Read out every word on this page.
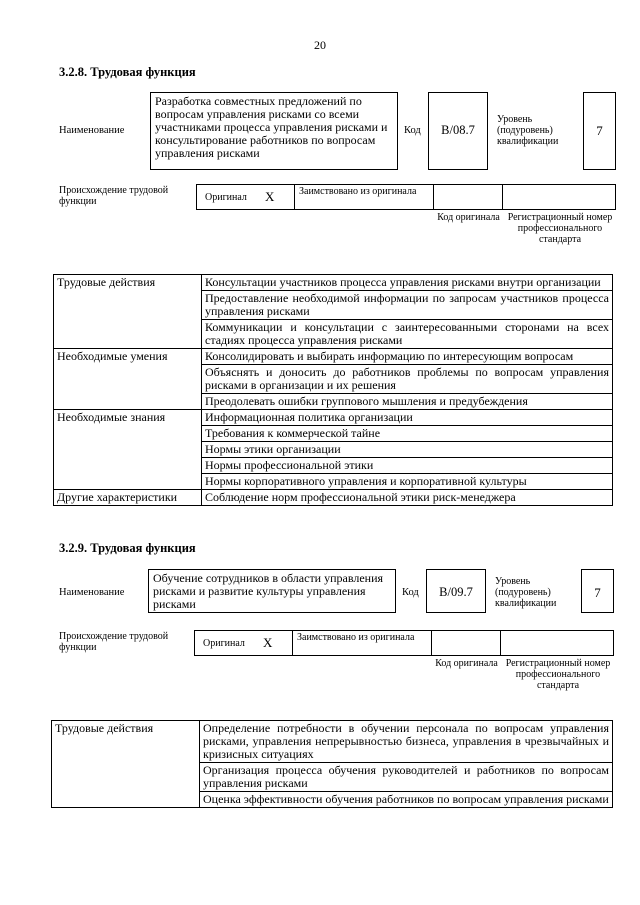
20
3.2.8. Трудовая функция
Наименование
Разработка совместных предложений по вопросам управления рисками со всеми участниками процесса управления рисками и консультирование работников по вопросам управления рисками
Код	B/08.7
Уровень (подуровень) квалификации
7
Происхождение трудовой функции	Оригинал X Заимствовано из оригинала
Код оригинала Регистрационный номер профессионального стандарта
Трудовые действия	Консультации участников процесса управления рисками внутри организации
	Предоставление необходимой информации по запросам участников процесса управления рисками
	Коммуникации и консультации с заинтересованными сторонами на всех стадиях процесса управления рисками
Необходимые умения	Консолидировать и выбирать информацию по интересующим вопросам
	Объяснять и доносить до работников проблемы по вопросам управления рисками в организации и их решения
	Преодолевать ошибки группового мышления и предубеждения
Необходимые знания	Информационная политика организации
	Требования к коммерческой тайне
	Нормы этики организации
	Нормы профессиональной этики
	Нормы корпоративного управления и корпоративной культуры
Другие характеристики	Соблюдение норм профессиональной этики риск-менеджера
3.2.9. Трудовая функция
Наименование
Обучение сотрудников в области управления рисками и развитие культуры управления рисками
Код	B/09.7
Уровень (подуровень) квалификации
7
Происхождение трудовой функции	Оригинал X Заимствовано из оригинала
Код оригинала Регистрационный номер профессионального стандарта
Трудовые действия	Определение потребности в обучении персонала по вопросам управления рисками, управления непрерывностью бизнеса, управления в чрезвычайных и кризисных ситуациях
Организация процесса обучения руководителей и работников по вопросам управления рисками
Оценка эффективности обучения работников по вопросам управления рисками
